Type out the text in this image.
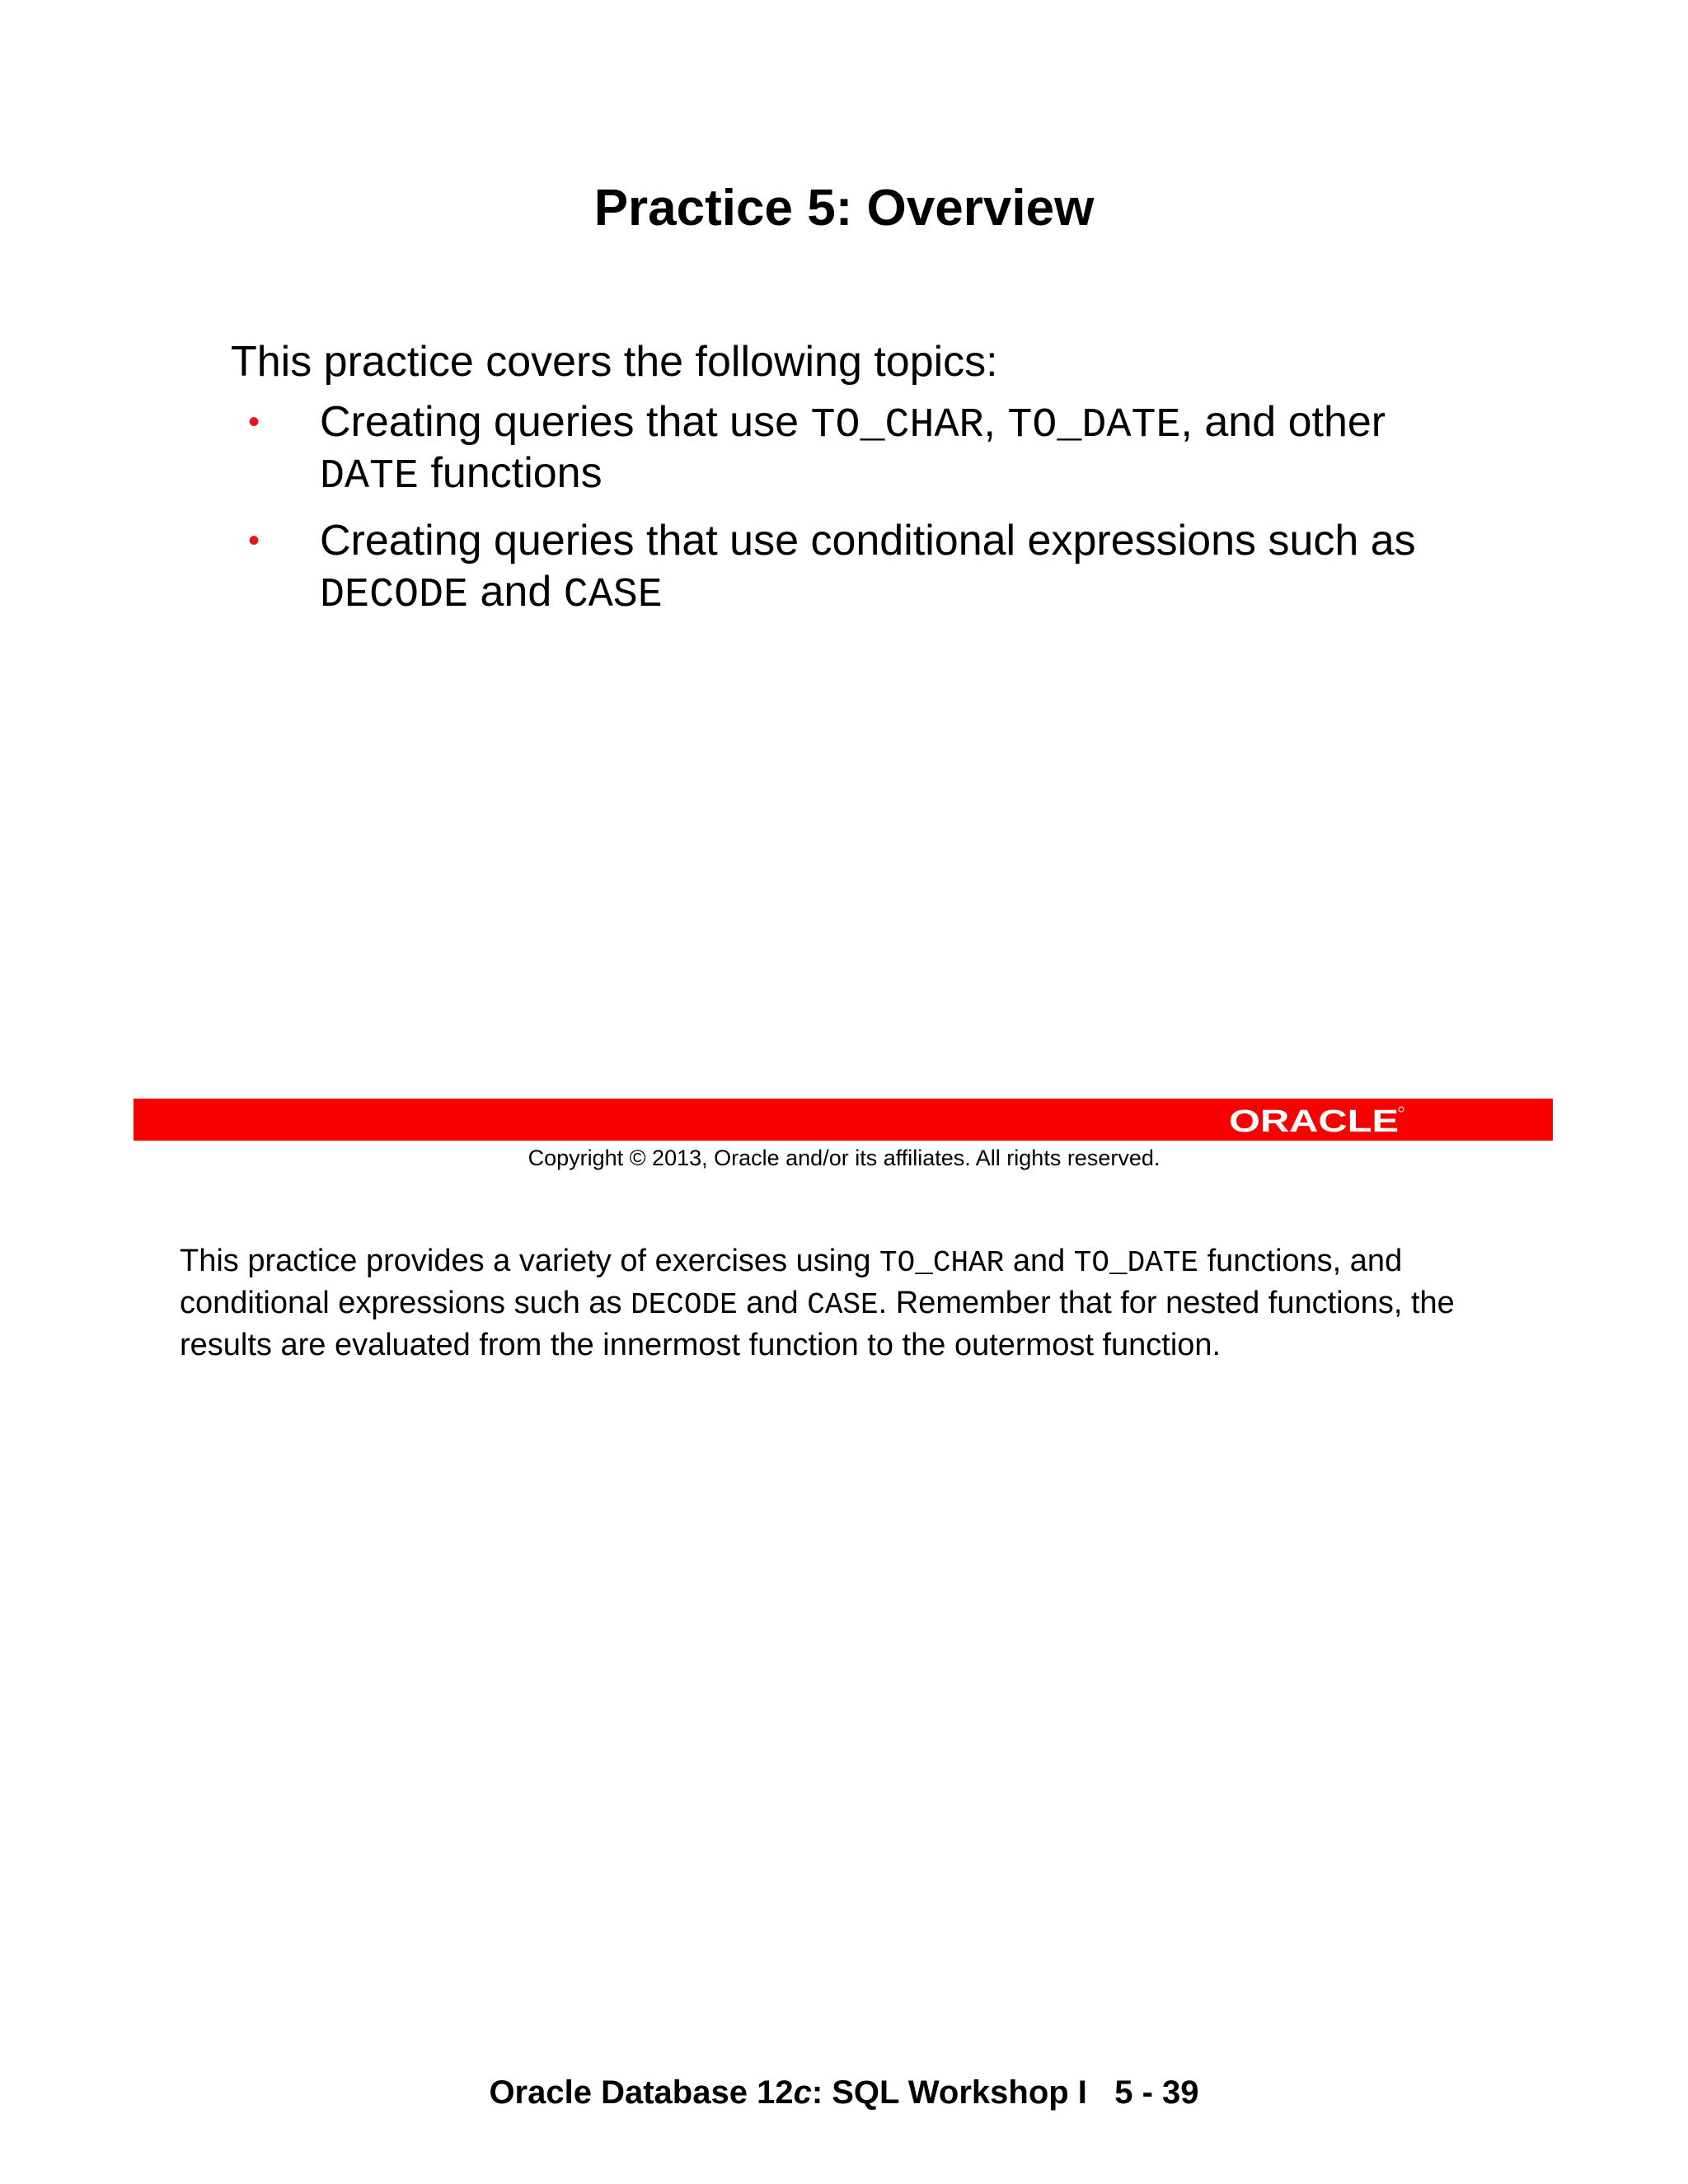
Practice 5: Overview
This practice covers the following topics:
• Creating queries that use TO_CHAR, TO_DATE, and other
DATE functions
• Creating queries that use conditional expressions such as
DECODE and CASE
ORACLE
Copyright © 2013, Oracle and/or its affiliates. All rights reserved.
This practice provides a variety of exercises using TO_CHAR and TO_DATE functions, and
conditional expressions such as DECODE and CASE. Remember that for nested functions, the
results are evaluated from the innermost function to the outermost function.
Oracle Database 12c: SQL Workshop I   5 - 39
